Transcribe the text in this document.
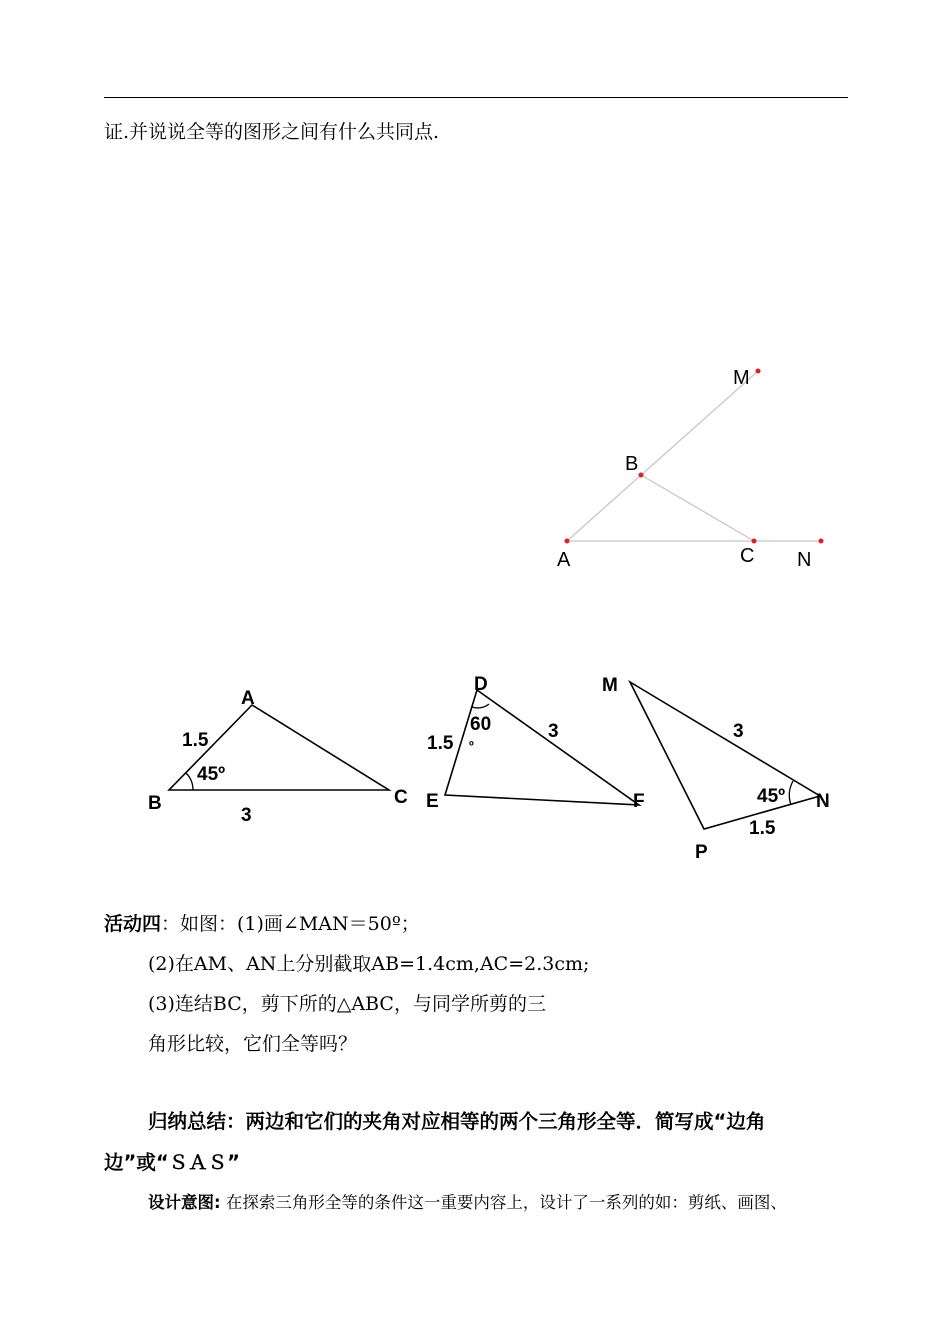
证.并说说全等的图形之间有什么共同点.
M
B
A	C N
A
B	C
1.5
3
45º
D
E	F
1.5
3
60
º
M
N
P
3
1.5
45º
活动四：如图：(1)画∠MAN＝50º；
(2)在AM、AN上分别截取AB=1.4cm,AC=2.3cm;
(3)连结BC，剪下所的△ABC，与同学所剪的三
角形比较，它们全等吗？
归纳总结：两边和它们的夹角对应相等的两个三角形全等．简写成“边角
边”或“ＳＡＳ”
设计意图: 在探索三角形全等的条件这一重要内容上，设计了一系列的如：剪纸、画图、
